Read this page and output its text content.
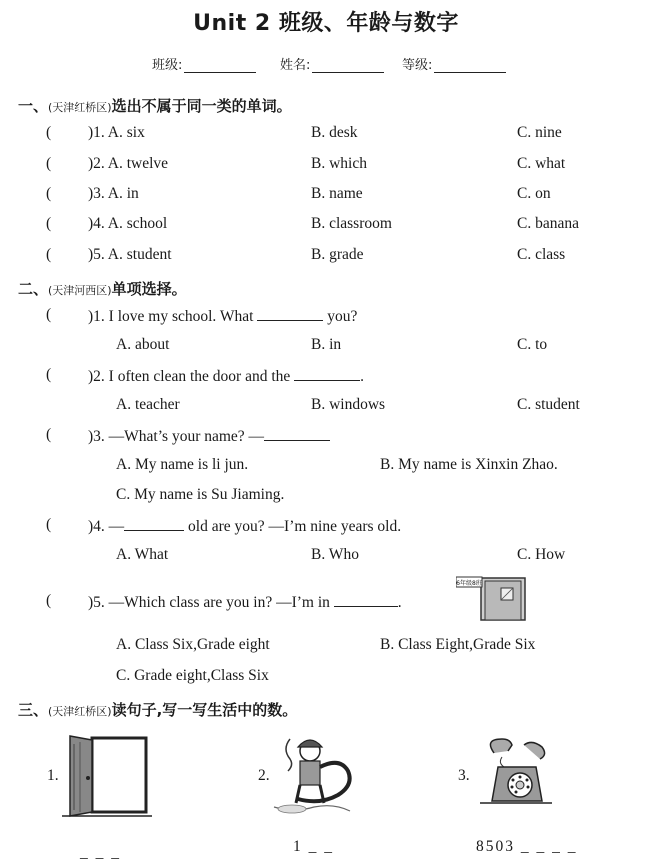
Unit 2 班级、年龄与数字
班级:	姓名:	等级:
一、(天津红桥区)选出不属于同一类的单词。
( )1. A. six	B. desk	C. nine
( )2. A. twelve	B. which	C. what
( )3. A. in	B. name	C. on
( )4. A. school	B. classroom	C. banana
( )5. A. student	B. grade	C. class
二、(天津河西区)单项选择。
( )1. I love my school. What	you?
A. about	B. in	C. to
( )2. I often clean the door and the	.
A. teacher	B. windows	C. student
( )3. —What’s your name? —
A. My name is li jun.	B. My name is Xinxin Zhao.
C. My name is Su Jiaming.
( )4. —	old are you? —I’m nine years old.
A. What	B. Who	C. How
( )5. —Which class are you in? —I’m in	.
6年级8班
A. Class Six,Grade eight	B. Class Eight,Grade Six
C. Grade eight,Class Six
三、(天津红桥区)读句子,写一写生活中的数。
1.	2.	3.
_ _ _	1 _ _	8503 _ _ _ _
